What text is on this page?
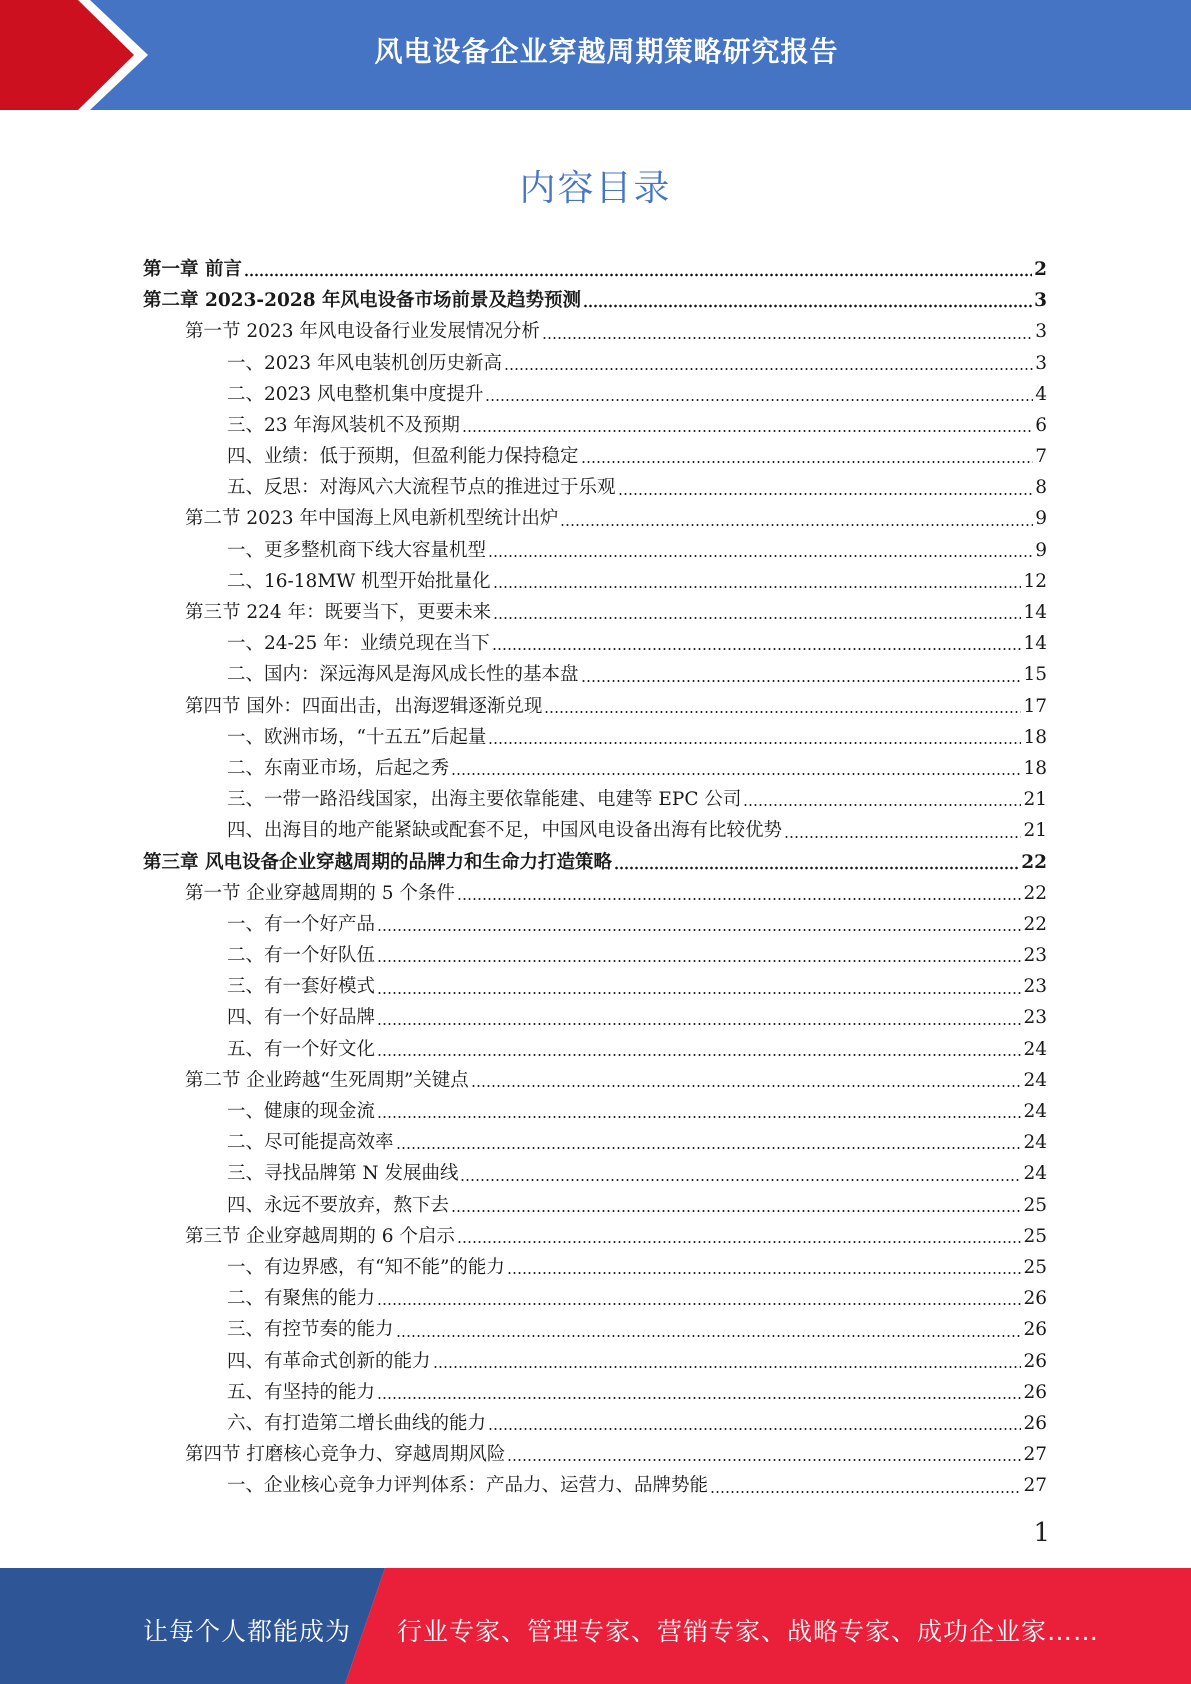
风电设备企业穿越周期策略研究报告
内容目录
第一章 前言	2
第二章 2023-2028 年风电设备市场前景及趋势预测	3
第一节 2023 年风电设备行业发展情况分析	3
一、2023 年风电装机创历史新高	3
二、2023 风电整机集中度提升	4
三、23 年海风装机不及预期	6
四、业绩：低于预期，但盈利能力保持稳定	7
五、反思：对海风六大流程节点的推进过于乐观	8
第二节 2023 年中国海上风电新机型统计出炉	9
一、更多整机商下线大容量机型	9
二、16-18MW 机型开始批量化	12
第三节 224 年：既要当下，更要未来	14
一、24-25 年：业绩兑现在当下	14
二、国内：深远海风是海风成长性的基本盘	15
第四节 国外：四面出击，出海逻辑逐渐兑现	17
一、欧洲市场，“十五五”后起量	18
二、东南亚市场，后起之秀	18
三、一带一路沿线国家，出海主要依靠能建、电建等 EPC 公司	21
四、出海目的地产能紧缺或配套不足，中国风电设备出海有比较优势	21
第三章 风电设备企业穿越周期的品牌力和生命力打造策略	22
第一节 企业穿越周期的 5 个条件	22
一、有一个好产品	22
二、有一个好队伍	23
三、有一套好模式	23
四、有一个好品牌	23
五、有一个好文化	24
第二节 企业跨越“生死周期”关键点	24
一、健康的现金流	24
二、尽可能提高效率	24
三、寻找品牌第 N 发展曲线	24
四、永远不要放弃，熬下去	25
第三节 企业穿越周期的 6 个启示	25
一、有边界感，有“知不能”的能力	25
二、有聚焦的能力	26
三、有控节奏的能力	26
四、有革命式创新的能力	26
五、有坚持的能力	26
六、有打造第二增长曲线的能力	26
第四节 打磨核心竞争力、穿越周期风险	27
一、企业核心竞争力评判体系：产品力、运营力、品牌势能	27
1
让每个人都能成为 行业专家、管理专家、营销专家、战略专家、成功企业家……
